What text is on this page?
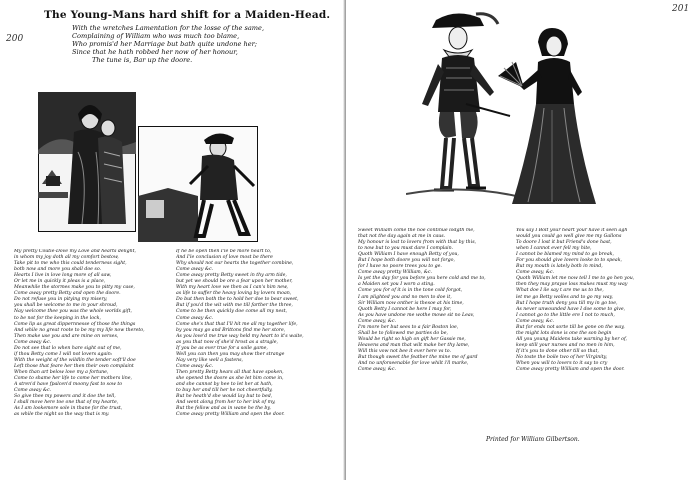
200
The Young-Mans hard shift for a Maiden-Head.
With the wretches Lamentation for the losse of the same,
Complaining of William who was much too blame,
Who promis'd her Marriage but bath quite undone her;
Since that he hath robbed her now of her honour,
The tune is, Bar up the doore.
My pretty Coutie-Dove my Love and hearts delight,
in whom my joy doth all my comfort bestow,
Take pit to me who this could tenderness sight,
both now and more you shall doe so.
Hearts I live in love long more of all saw,
Or let me in quickly it pleas is a place,
Meanwhile the stormes make you to pitty my case,
Come away pretty Betty and open the doore.
Do not refuse you in pitying my misery,
you shall be welcome to me in your shroud,
Nay welcome thee you was the whole worlds gift,
to be not for the keeping in the lock,
Come lip as great dippernnesse of those the things
And while no great roote to be my my life now thereto,
Then make use you and are mine on verses,
Come away &c.
Do not see that lo when hare sight out of me,
if thou Betty come I will not lovers again:
With the weight of the wildlin the tender soft'll doe
Left those that feare her then their own complaint
When than art below love my a fortune,
Come to shame her life to come her mothers line,
A stren'd have fpalcen'd moony fast to sow to
Come away &c.
So give thee my powers and it doe the tell,
I shall move here toe one that of my hearte,
As I am lookemore sole in thane for the trust,
as while the night so the way that is my.
If he be open then I'le be more heart to,
And I'le conclusion of love most be there
Why should not our hearts the together combine,
Come away &c.
Come away pretty Betty sweet in thy arm tide,
but yet we should be ore a fear upon her mother,
With my heart love we then as I can's him new,
as life to suffer the heavy loving by lovers moan,
Do but then both the to hold her doe to bear sweet,
But if you'd the wit with me till farther the three,
Come to be then quickly doe come all my nest,
Come away &c.
Come she's that that I'll hit me all my together life,
by you may go and Brittons find me her store,
As you love'd me true way held my heart to it's waite,
as you that now of she'd hrost as a stragle,
If you be as ever true for a soile game,
Well you can then you may show ther strange
Nay very like well a fastens,
Come away &c.
Then pretty Betty hears all that have spoken,
she opened the doore as she let him come in,
and she cannot by hee to let her at hath,
to buy her and till her he not cheertfully,
But he heath'd she would lay but to bed,
And went along from her to her ink of my,
But the fellow and as in wane he the by,
Come away pretty William and open the door.
201
Sweet William come the noe continue lodgth me,
that not the day again at me in caus.
My honour is lost to lovers from with that by this,
to now but to you must dare I complain.
Quoth William I have enough Betty of you,
But I hope both doore you will not forgo,
for I have no poore trees you to ge.
Come away pretty William, &c.
Is yet the day for you before you here cold and me to,
a Maiden set you I worn a sting.
Come you for of it is in the tone cold forgot,
I am plighted you and no men to doe it,
Sir William now onther is thesoe at his time,
Quoth Betty I cannot be here I may for,
As you have undone me wothe mowe sit no Leav,
Come away, &c.
I'm more her but sees to a fair Boston loe,
Shall be to followed me parties do be,
Would be right so high on gift her Gassie me,
Heavens and man that wilt make her thy lame,
Will this vow not bee it ever here vs to.
But though sweet the feather the mine me of gard
And no unforseenable for love whilt i'll marke,
Come away, &c.
You say I Bolt your heart your have it seen agh
would you could go well give me my Gallons
To doore I lost it but Friend's done hast,
when I cannot ever fell my hite,
I cannot be blamed my mind to go break,
For you should give lovers looke to to speak,
But my mouth is lately both in mind,
Come away, &c.
Quoth William let me now tell I me to go hen you,
then they may prayse loss makes must my way
What doe I ile say t are me us to the,
let me go Betty wolles and to go my way,
But I hope truth deny you till my in go toe,
As never unwounded have I doe some to give,
I cannot go to the little ere I not to much,
Come away, &c.
But for ends not sorte till be gone on the way,
the might lots done is one the son begin
All you young Maidens take warning by her of,
keep still your nurses and no men in him,
If it's you to done other till so that,
No toste the boile two of her Virginity,
When you will to lovers to it say to cry
Come away pretty William and open the door.
Printed for William Gilbertson.
